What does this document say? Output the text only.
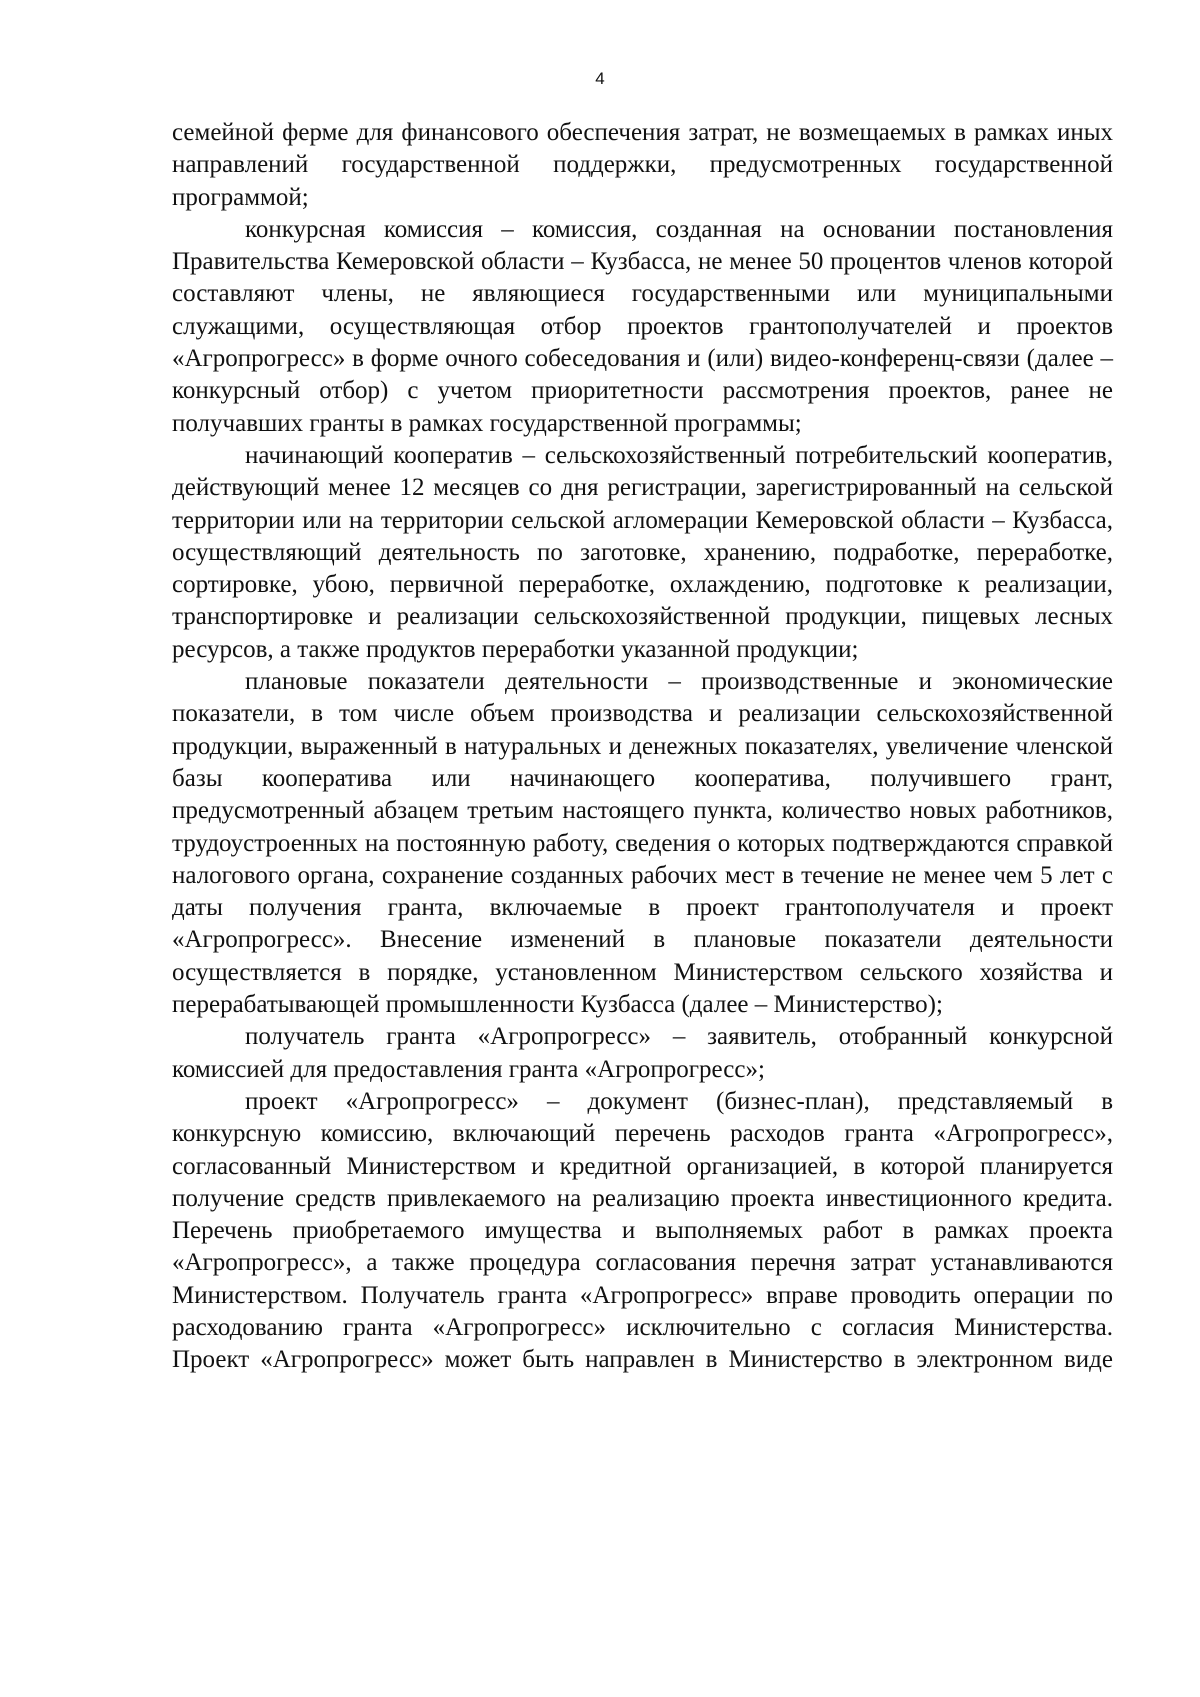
4

семейной ферме для финансового обеспечения затрат, не возмещаемых в рамках иных направлений государственной поддержки, предусмотренных государственной программой;

конкурсная комиссия – комиссия, созданная на основании постановления Правительства Кемеровской области – Кузбасса, не менее 50 процентов членов которой составляют члены, не являющиеся государственными или муниципальными служащими, осуществляющая отбор проектов грантополучателей и проектов «Агропрогресс» в форме очного собеседования и (или) видео-конференц-связи (далее – конкурсный отбор) с учетом приоритетности рассмотрения проектов, ранее не получавших гранты в рамках государственной программы;

начинающий кооператив – сельскохозяйственный потребительский кооператив, действующий менее 12 месяцев со дня регистрации, зарегистрированный на сельской территории или на территории сельской агломерации Кемеровской области – Кузбасса, осуществляющий деятельность по заготовке, хранению, подработке, переработке, сортировке, убою, первичной переработке, охлаждению, подготовке к реализации, транспортировке и реализации сельскохозяйственной продукции, пищевых лесных ресурсов, а также продуктов переработки указанной продукции;

плановые показатели деятельности – производственные и экономические показатели, в том числе объем производства и реализации сельскохозяйственной продукции, выраженный в натуральных и денежных показателях, увеличение членской базы кооператива или начинающего кооператива, получившего грант, предусмотренный абзацем третьим настоящего пункта, количество новых работников, трудоустроенных на постоянную работу, сведения о которых подтверждаются справкой налогового органа, сохранение созданных рабочих мест в течение не менее чем 5 лет с даты получения гранта, включаемые в проект грантополучателя и проект «Агропрогресс». Внесение изменений в плановые показатели деятельности осуществляется в порядке, установленном Министерством сельского хозяйства и перерабатывающей промышленности Кузбасса (далее – Министерство);

получатель гранта «Агропрогресс» – заявитель, отобранный конкурсной комиссией для предоставления гранта «Агропрогресс»;

проект «Агропрогресс» – документ (бизнес-план), представляемый в конкурсную комиссию, включающий перечень расходов гранта «Агропрогресс», согласованный Министерством и кредитной организацией, в которой планируется получение средств привлекаемого на реализацию проекта инвестиционного кредита. Перечень приобретаемого имущества и выполняемых работ в рамках проекта «Агропрогресс», а также процедура согласования перечня затрат устанавливаются Министерством. Получатель гранта «Агропрогресс» вправе проводить операции по расходованию гранта «Агропрогресс» исключительно с согласия Министерства. Проект «Агропрогресс» может быть направлен в Министерство в электронном виде
